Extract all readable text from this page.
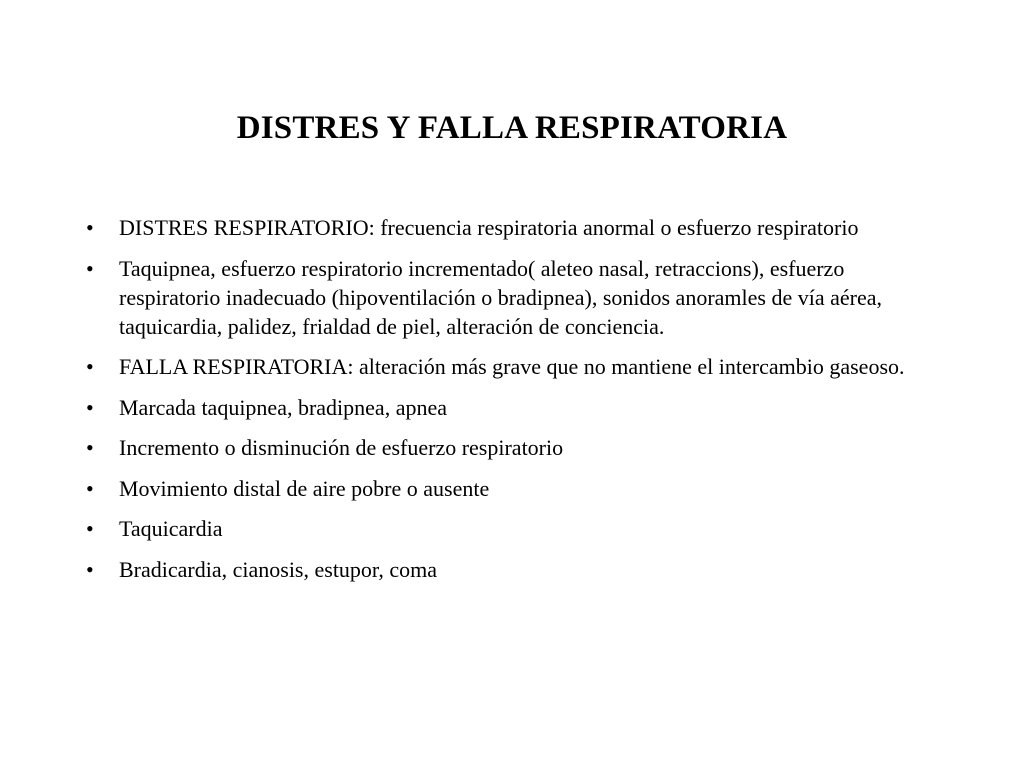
DISTRES Y FALLA RESPIRATORIA
•	DISTRES RESPIRATORIO: frecuencia respiratoria anormal o esfuerzo respiratorio
•	Taquipnea, esfuerzo respiratorio incrementado( aleteo nasal, retraccions), esfuerzo respiratorio inadecuado (hipoventilación o bradipnea), sonidos anoramles de vía aérea, taquicardia, palidez, frialdad de piel, alteración de conciencia.
•	FALLA RESPIRATORIA: alteración más grave que no mantiene el intercambio gaseoso.
•	Marcada taquipnea, bradipnea, apnea
•	Incremento o disminución de esfuerzo respiratorio
•	Movimiento distal de aire pobre o ausente
•	Taquicardia
•	Bradicardia, cianosis, estupor, coma
